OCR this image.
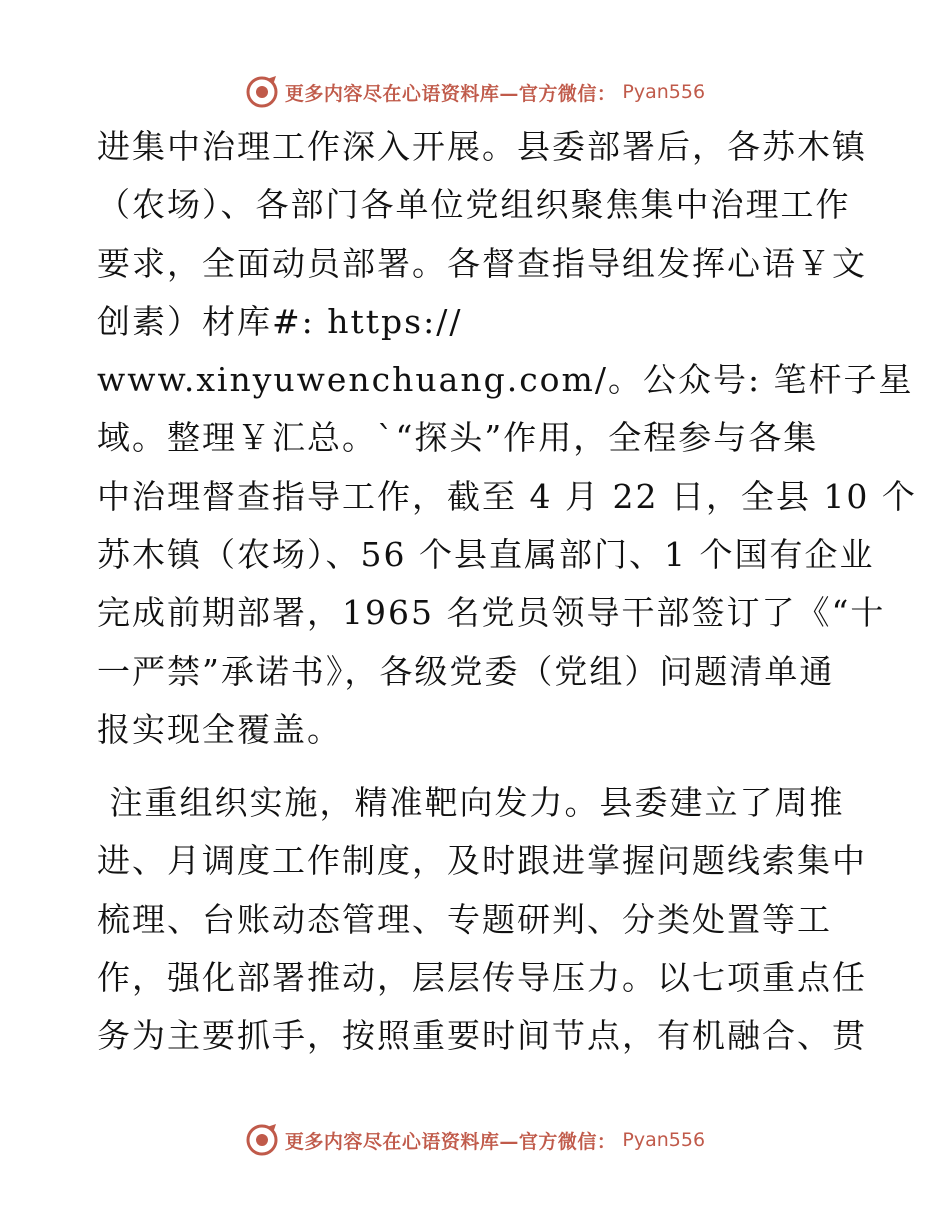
更多内容尽在心语资料库—官方微信： Pyan556
进集中治理工作深入开展。县委部署后，各苏木镇
（农场）、各部门各单位党组织聚焦集中治理工作
要求，全面动员部署。各督查指导组发挥心语￥文
创素）材库#: https://
www.xinyuwenchuang.com/。公众号: 笔杆子星
域。整理￥汇总。`“探头”作用，全程参与各集
中治理督查指导工作，截至 4 月 22 日，全县 10 个
苏木镇（农场）、56 个县直属部门、1 个国有企业
完成前期部署，1965 名党员领导干部签订了《“十
一严禁”承诺书》，各级党委（党组）问题清单通
报实现全覆盖。
注重组织实施，精准靶向发力。县委建立了周推
进、月调度工作制度，及时跟进掌握问题线索集中
梳理、台账动态管理、专题研判、分类处置等工
作，强化部署推动，层层传导压力。以七项重点任
务为主要抓手，按照重要时间节点，有机融合、贯
更多内容尽在心语资料库—官方微信： Pyan556
